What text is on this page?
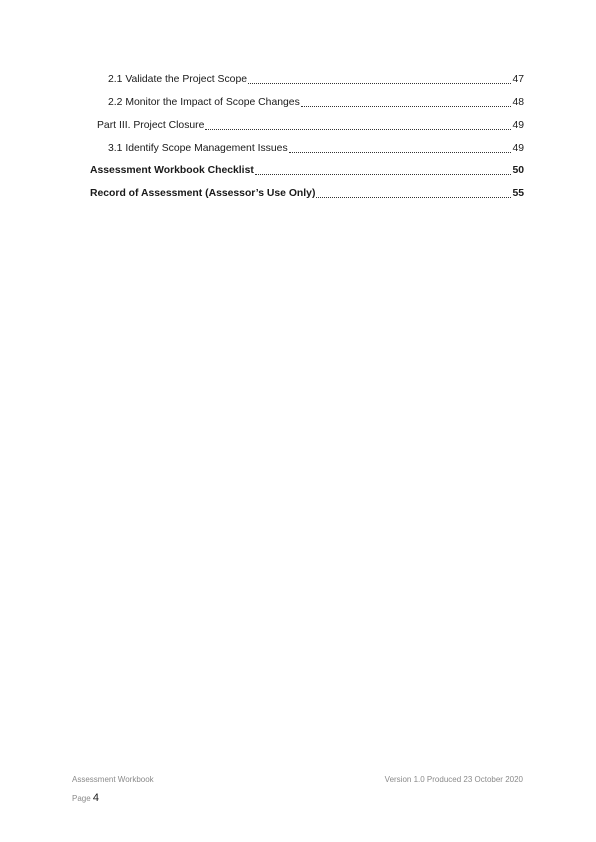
2.1 Validate the Project Scope	47
2.2 Monitor the Impact of Scope Changes	48
Part III. Project Closure	49
3.1 Identify Scope Management Issues	49
Assessment Workbook Checklist	50
Record of Assessment (Assessor’s Use Only)	55
Assessment Workbook	Version 1.0 Produced 23 October 2020
Page 4
